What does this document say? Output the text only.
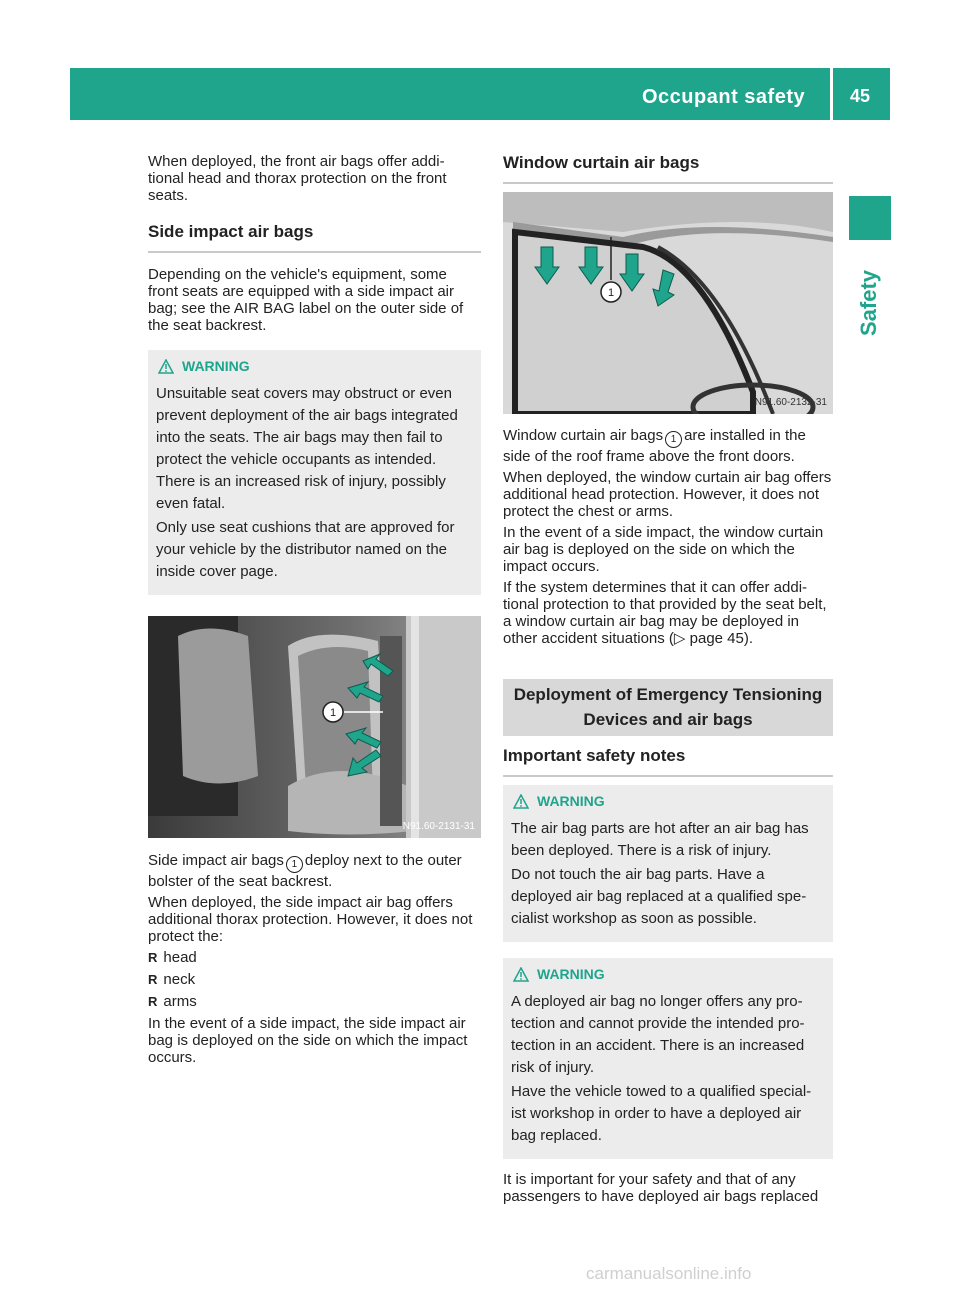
Occupant safety 45
Safety

When deployed, the front air bags offer addi- tional head and thorax protection on the front seats.

Side impact air bags

Depending on the vehicle's equipment, some front seats are equipped with a side impact air bag; see the AIR BAG label on the outer side of the seat backrest.

WARNING

Unsuitable seat covers may obstruct or even prevent deployment of the air bags integrated into the seats. The air bags may then fail to protect the vehicle occupants as intended. There is an increased risk of injury, possibly even fatal.

Only use seat cushions that are approved for your vehicle by the distributor named on the inside cover page.

1
N91.60-2131-31

Side impact air bags 1 deploy next to the outer bolster of the seat backrest.

When deployed, the side impact air bag offers additional thorax protection. However, it does not protect the:

R head
R neck
R arms

In the event of a side impact, the side impact air bag is deployed on the side on which the impact occurs.

Window curtain air bags
1
N91.60-2132-31

Window curtain air bags 1 are installed in the side of the roof frame above the front doors.

When deployed, the window curtain air bag offers additional head protection. However, it does not protect the chest or arms.

In the event of a side impact, the window curtain air bag is deployed on the side on which the impact occurs.

If the system determines that it can offer addi- tional protection to that provided by the seat belt, a window curtain air bag may be deployed in other accident situations (▷ page 45).

Deployment of Emergency Tensioning Devices and air bags
Important safety notes
WARNING

The air bag parts are hot after an air bag has been deployed. There is a risk of injury.

Do not touch the air bag parts. Have a deployed air bag replaced at a qualified spe- cialist workshop as soon as possible.

WARNING

A deployed air bag no longer offers any pro- tection and cannot provide the intended pro- tection in an accident. There is an increased risk of injury.

Have the vehicle towed to a qualified special- ist workshop in order to have a deployed air bag replaced.

It is important for your safety and that of any passengers to have deployed air bags replaced

carmanualsonline.info
